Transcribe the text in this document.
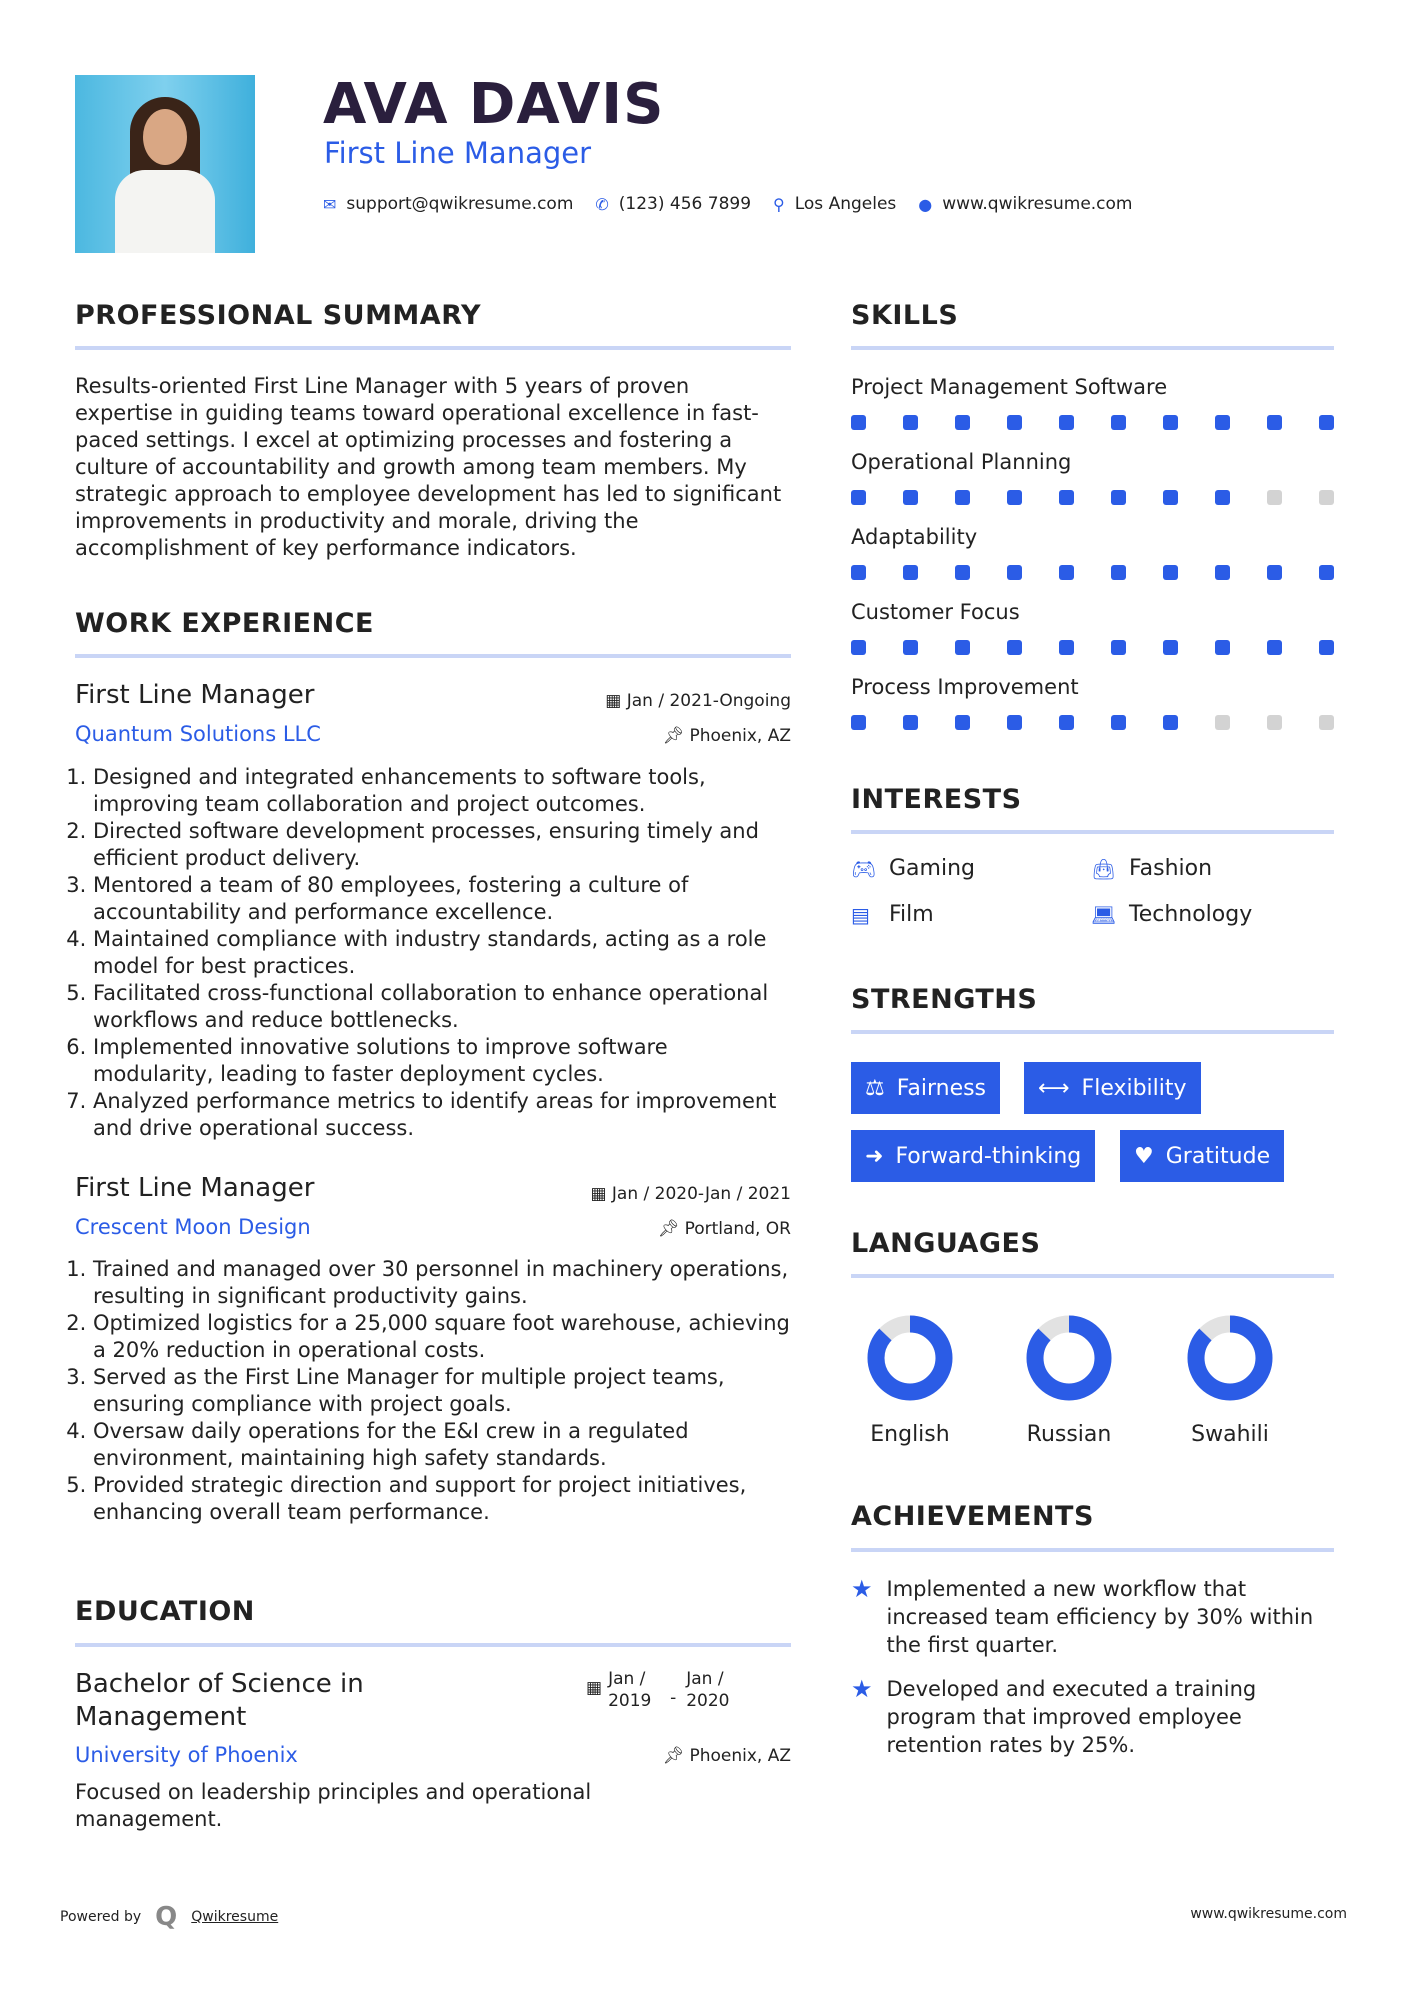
AVA DAVIS
First Line Manager
✉ support@qwikresume.com ✆ (123) 456 7899 ⚲ Los Angeles ● www.qwikresume.com
PROFESSIONAL SUMMARY
Results-oriented First Line Manager with 5 years of proven expertise in guiding teams toward operational excellence in fast-paced settings. I excel at optimizing processes and fostering a culture of accountability and growth among team members. My strategic approach to employee development has led to significant improvements in productivity and morale, driving the accomplishment of key performance indicators.
WORK EXPERIENCE
First Line Manager	▦ Jan / 2021-Ongoing
Quantum Solutions LLC	📌︎ Phoenix, AZ
1. Designed and integrated enhancements to software tools, improving team collaboration and project outcomes.
2. Directed software development processes, ensuring timely and efficient product delivery.
3. Mentored a team of 80 employees, fostering a culture of accountability and performance excellence.
4. Maintained compliance with industry standards, acting as a role model for best practices.
5. Facilitated cross-functional collaboration to enhance operational workflows and reduce bottlenecks.
6. Implemented innovative solutions to improve software modularity, leading to faster deployment cycles.
7. Analyzed performance metrics to identify areas for improvement and drive operational success.
First Line Manager	▦ Jan / 2020-Jan / 2021
Crescent Moon Design	📌︎ Portland, OR
1. Trained and managed over 30 personnel in machinery operations, resulting in significant productivity gains.
2. Optimized logistics for a 25,000 square foot warehouse, achieving a 20% reduction in operational costs.
3. Served as the First Line Manager for multiple project teams, ensuring compliance with project goals.
4. Oversaw daily operations for the E&I crew in a regulated environment, maintaining high safety standards.
5. Provided strategic direction and support for project initiatives, enhancing overall team performance.
EDUCATION
Bachelor of Science in Management
▦ Jan / 2019	-
Jan / 2020
University of Phoenix	📌︎ Phoenix, AZ
Focused on leadership principles and operational management.
SKILLS
Project Management Software
Operational Planning
Adaptability
Customer Focus
Process Improvement
INTERESTS
🎮︎ Gaming	👜︎ Fashion
▤ Film	💻︎ Technology
STRENGTHS
⚖ Fairness ⟷ Flexibility
➜ Forward-thinking ♥ Gratitude
LANGUAGES
English	Russian	Swahili
ACHIEVEMENTS
★ Implemented a new workflow that increased team efficiency by 30% within the first quarter.
★ Developed and executed a training program that improved employee retention rates by 25%.
Powered by Q Qwikresume	www.qwikresume.com
